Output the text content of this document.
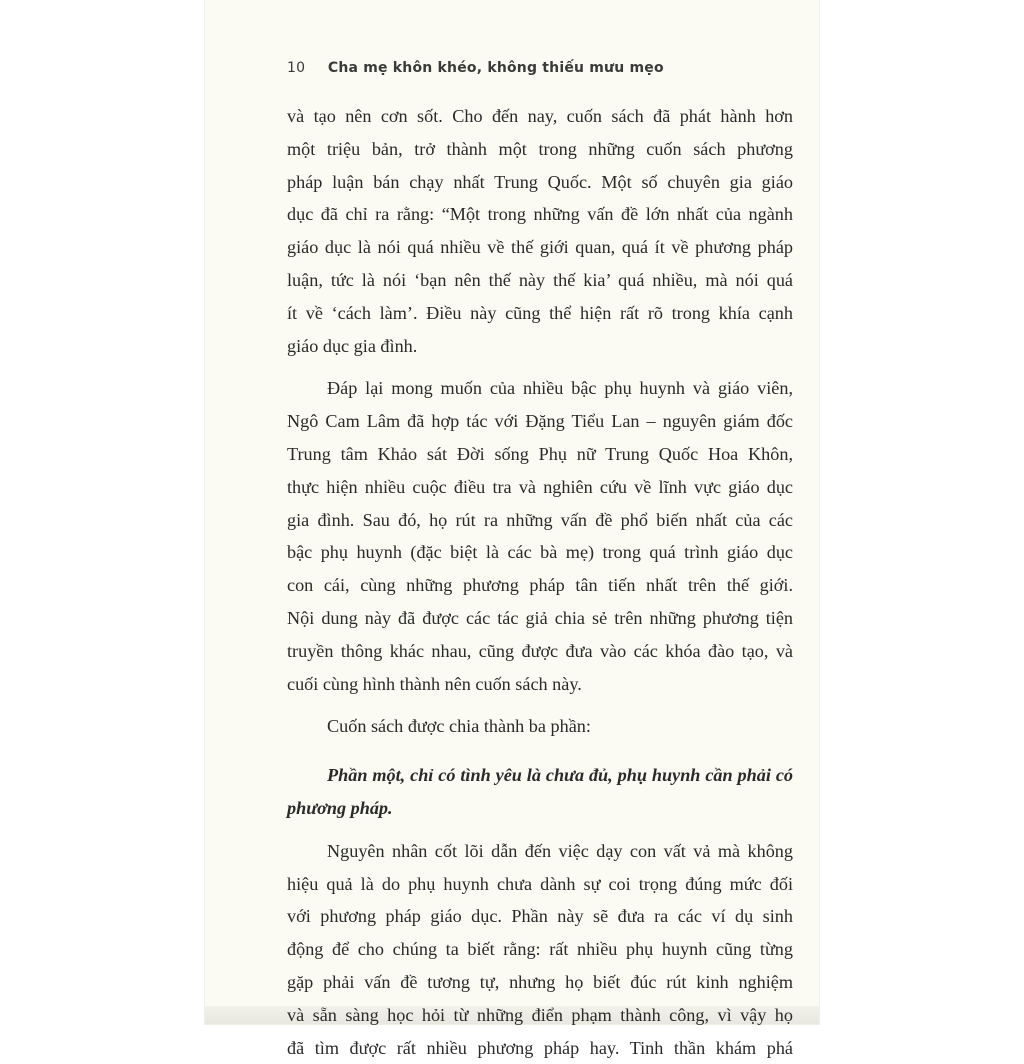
10 Cha mẹ khôn khéo, không thiếu mưu mẹo
và tạo nên cơn sốt. Cho đến nay, cuốn sách đã phát hành hơn
một triệu bản, trở thành một trong những cuốn sách phương
pháp luận bán chạy nhất Trung Quốc. Một số chuyên gia giáo
dục đã chỉ ra rằng: “Một trong những vấn đề lớn nhất của ngành
giáo dục là nói quá nhiều về thế giới quan, quá ít về phương pháp
luận, tức là nói ‘bạn nên thế này thế kia’ quá nhiều, mà nói quá
ít về ‘cách làm’. Điều này cũng thể hiện rất rõ trong khía cạnh
giáo dục gia đình.
Đáp lại mong muốn của nhiều bậc phụ huynh và giáo viên,
Ngô Cam Lâm đã hợp tác với Đặng Tiểu Lan – nguyên giám đốc
Trung tâm Khảo sát Đời sống Phụ nữ Trung Quốc Hoa Khôn,
thực hiện nhiều cuộc điều tra và nghiên cứu về lĩnh vực giáo dục
gia đình. Sau đó, họ rút ra những vấn đề phổ biến nhất của các
bậc phụ huynh (đặc biệt là các bà mẹ) trong quá trình giáo dục
con cái, cùng những phương pháp tân tiến nhất trên thế giới.
Nội dung này đã được các tác giả chia sẻ trên những phương tiện
truyền thông khác nhau, cũng được đưa vào các khóa đào tạo, và
cuối cùng hình thành nên cuốn sách này.
Cuốn sách được chia thành ba phần:
Phần một, chỉ có tình yêu là chưa đủ, phụ huynh cần phải có
phương pháp.
Nguyên nhân cốt lõi dẫn đến việc dạy con vất vả mà không
hiệu quả là do phụ huynh chưa dành sự coi trọng đúng mức đối
với phương pháp giáo dục. Phần này sẽ đưa ra các ví dụ sinh
động để cho chúng ta biết rằng: rất nhiều phụ huynh cũng từng
gặp phải vấn đề tương tự, nhưng họ biết đúc rút kinh nghiệm
và sẵn sàng học hỏi từ những điển phạm thành công, vì vậy họ
đã tìm được rất nhiều phương pháp hay. Tinh thần khám phá
